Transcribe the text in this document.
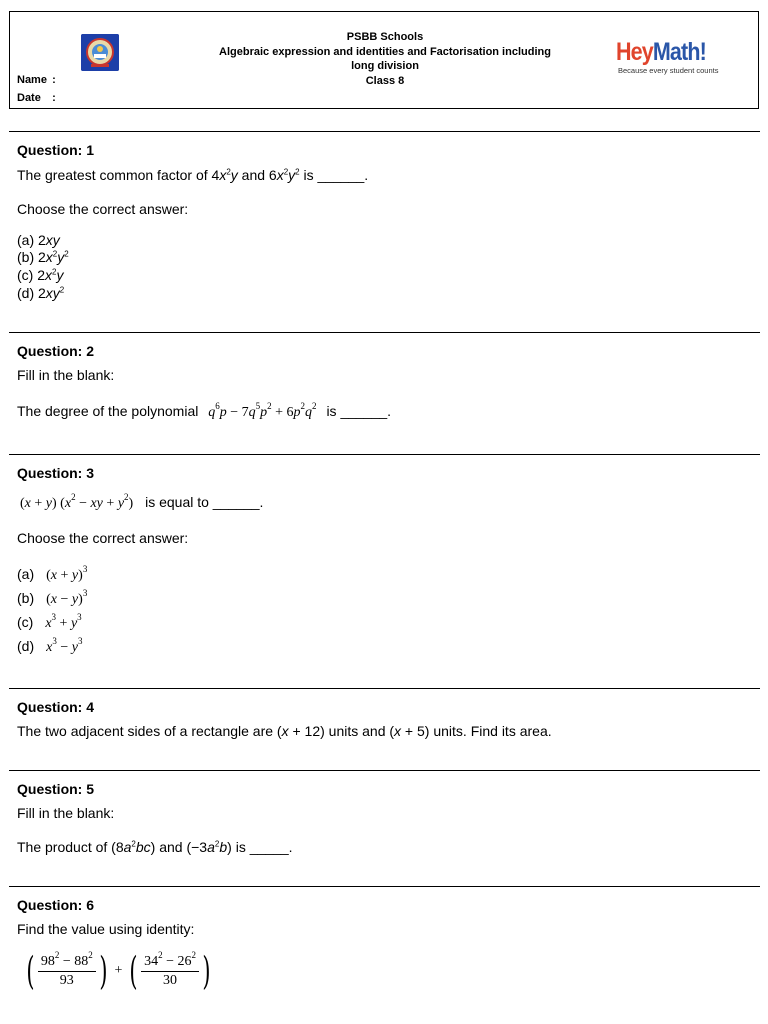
PSBB Schools
Algebraic expression and identities and Factorisation including
long division
Class 8
Name :
Date :
HeyMath!
Because every student counts
Question: 1
The greatest common factor of $4x^2y$ and $6x^2y^2$ is ______.
Choose the correct answer:
(a) 2xy
(b) $2x^2y^2$
(c) $2x^2y$
(d) $2xy^2$
Question: 2
Fill in the blank:
The degree of the polynomial $q^6p - 7q^5p^2 + 6p^2q^2$ is ______.
Question: 3
(x + y) ($x^2$ − xy + $y^2$) is equal to ______.
Choose the correct answer:
(a) $(x + y)^3$
(b) $(x - y)^3$
(c) $x^3 + y^3$
(d) $x^3 - y^3$
Question: 4
The two adjacent sides of a rectangle are (x + 12) units and (x + 5) units. Find its area.
Question: 5
Fill in the blank:
The product of $(8a^2bc)$ and $(-3a^2b)$ is _____.
Question: 6
Find the value using identity:
( $\frac{98^2 - 88^2}{93}$ ) + ( $\frac{34^2 - 26^2}{30}$ )
